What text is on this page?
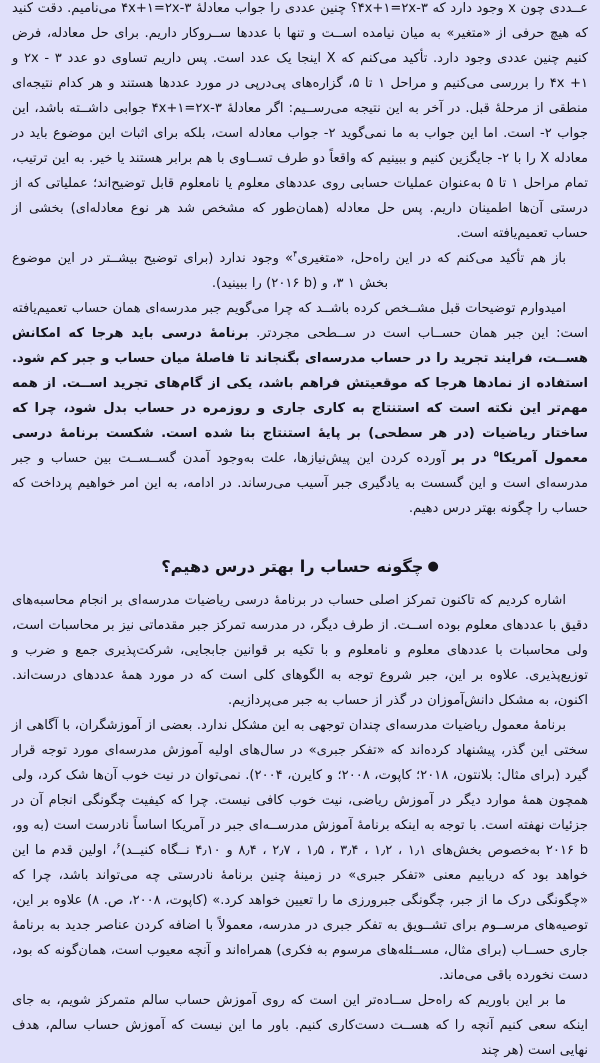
عــددی چون x وجود دارد که ۴x+۱=۲x-۳؟ چنین عددی را جواب معادلۀ ۴x+۱=۲x-۳ می‌نامیم. دقت کنید که هیچ حرفی از «متغیر» به میان نیامده اســت و تنها با عددها ســروکار داریم. برای حل معادله، فرض کنیم چنین عددی وجود دارد. تأکید می‌کنم که X اینجا یک عدد است. پس داریم تساوی دو عدد ۲x - ۳ و ۴x +۱ را بررسی می‌کنیم و مراحل ۱ تا ۵، گزاره‌های پی‌درپی در مورد عددها هستند و هر کدام نتیجه‌ای منطقی از مرحلۀ قبل. در آخر به این نتیجه می‌رســیم: اگر معادلۀ ۴x+۱=۲x-۳ جوابی داشــته باشد، این جواب ۲- است. اما این جواب به ما نمی‌گوید ۲- جواب معادله است، بلکه برای اثبات این موضوع باید در معادله X را با ۲- جایگزین کنیم و ببینیم که واقعاً دو طرف تســاوی با هم برابر هستند یا خیر. به این ترتیب، تمام مراحل ۱ تا ۵ به‌عنوان عملیات حسابی روی عددهای معلوم یا نامعلوم قابل توضیح‌اند؛ عملیاتی که از درستی آن‌ها اطمینان داریم. پس حل معادله (همان‌طور که مشخص شد هر نوع معادله‌ای) بخشی از حساب تعمیم‌یافته است.

باز هم تأکید می‌کنم که در این راه‌حل، «متغیری$^۴$» وجود ندارد (برای توضیح بیشــتر در این موضوع بخش ۱ ۳، و (۲۰۱۶ b) را ببینید).

امیدوارم توضیحات قبل مشــخص کرده باشــد که چرا می‌گویم جبر مدرسه‌ای همان حساب تعمیم‌یافته است: این جبر همان حســاب است در ســطحی مجردتر. برنامۀ درسی باید هرجا که امکانش هســت، فرایند تجرید را در حساب مدرسه‌ای بگنجاند تا فاصلۀ میان حساب و جبر کم شود. استفاده از نمادها هرجا که موقعیتش فراهم باشد، یکی از گام‌های تجرید اســت. از همه مهم‌تر این نکته است که استنتاج به کاری جاری و روزمره در حساب بدل شود، چرا که ساختار ریاضیات (در هر سطحی) بر پایۀ استنتاج بنا شده است. شکست برنامۀ درسی معمول آمریکا$^۵$ در بر آورده کردن این پیش‌نیازها، علت به‌وجود آمدن گســســت بین حساب و جبر مدرسه‌ای است و این گسست به یادگیری جبر آسیب می‌رساند. در ادامه، به این امر خواهیم پرداخت که حساب را چگونه بهتر درس دهیم.

●چگونه حساب را بهتر درس دهیم؟

اشاره کردیم که تاکنون تمرکز اصلی حساب در برنامۀ درسی ریاضیات مدرسه‌ای بر انجام محاسبه‌های دقیق با عددهای معلوم بوده اســت. از طرف دیگر، در مدرسه تمرکز جبر مقدماتی نیز بر محاسبات است، ولی محاسبات با عددهای معلوم و نامعلوم و با تکیه بر قوانین جابجایی، شرکت‌پذیری جمع و ضرب و توزیع‌پذیری. علاوه بر این، جبر شروع توجه به الگوهای کلی است که در مورد همۀ عددهای درست‌اند. اکنون، به مشکل دانش‌آموزان در گذر از حساب به جبر می‌پردازیم.

برنامۀ معمول ریاضیات مدرسه‌ای چندان توجهی به این مشکل ندارد. بعضی از آموزشگران، با آگاهی از سختی این گذر، پیشنهاد کرده‌اند که «تفکر جبری» در سال‌های اولیه آموزش مدرسه‌ای مورد توجه قرار گیرد (برای مثال: بلانتون، ۲۰۱۸؛ کاپوت، ۲۰۰۸؛ و کایرن، ۲۰۰۴). نمی‌توان در نیت خوب آن‌ها شک کرد، ولی همچون همۀ موارد دیگر در آموزش ریاضی، نیت خوب کافی نیست. چرا که کیفیت چگونگی انجام آن در جزئیات نهفته است. با توجه به اینکه برنامۀ آموزش مدرســه‌ای جبر در آمریکا اساساً نادرست است (به وو، ۲۰۱۶ b به‌خصوص بخش‌های ۱٫۱ ، ۱٫۲ ، ۳٫۴ ، ۱٫۵ ، ۲٫۷ ، ۸٫۴ و ۴٫۱۰ نــگاه کنیــد)$^۶$، اولین قدم ما این خواهد بود که دریابیم معنی «تفکر جبری» در زمینۀ چنین برنامۀ نادرستی چه می‌تواند باشد، چرا که «چگونگی درک ما از جبر، چگونگی جبرورزی ما را تعیین خواهد کرد.» (کاپوت، ۲۰۰۸، ص. ۸) علاوه بر این، توصیه‌های مرســوم برای تشــویق به تفکر جبری در مدرسه، معمولاً با اضافه کردن عناصر جدید به برنامۀ جاری حســاب (برای مثال، مســئله‌های مرسوم به فکری) همراه‌اند و آنچه معیوب است، همان‌گونه که بود، دست نخورده باقی می‌ماند.

ما بر این باوریم که راه‌حل ســاده‌تر این است که روی آموزش حساب سالم متمرکز شویم، به جای اینکه سعی کنیم آنچه را که هســت دست‌کاری کنیم. باور ما این نیست که آموزش حساب سالم، هدف نهایی است (هر چند
